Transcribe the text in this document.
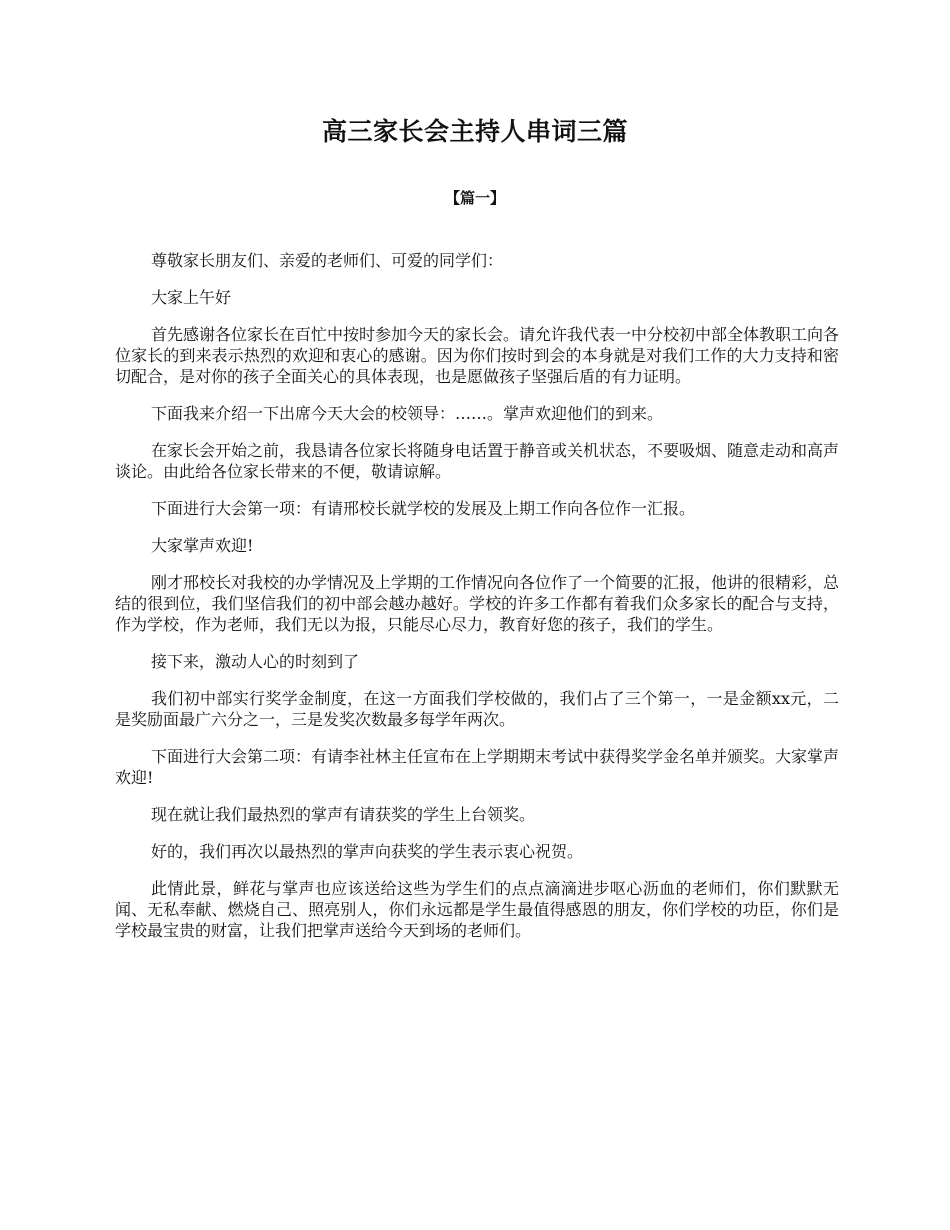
高三家长会主持人串词三篇
【篇一】

尊敬家长朋友们、亲爱的老师们、可爱的同学们：

大家上午好

首先感谢各位家长在百忙中按时参加今天的家长会。请允许我代表一中分校初中部全体教职工向各位家长的到来表示热烈的欢迎和衷心的感谢。因为你们按时到会的本身就是对我们工作的大力支持和密切配合，是对你的孩子全面关心的具体表现，也是愿做孩子坚强后盾的有力证明。

下面我来介绍一下出席今天大会的校领导：……。掌声欢迎他们的到来。

在家长会开始之前，我恳请各位家长将随身电话置于静音或关机状态，不要吸烟、随意走动和高声谈论。由此给各位家长带来的不便，敬请谅解。

下面进行大会第一项：有请邢校长就学校的发展及上期工作向各位作一汇报。

大家掌声欢迎!

刚才邢校长对我校的办学情况及上学期的工作情况向各位作了一个简要的汇报，他讲的很精彩，总结的很到位，我们坚信我们的初中部会越办越好。学校的许多工作都有着我们众多家长的配合与支持，作为学校，作为老师，我们无以为报，只能尽心尽力，教育好您的孩子，我们的学生。

接下来，激动人心的时刻到了

我们初中部实行奖学金制度，在这一方面我们学校做的，我们占了三个第一，一是金额xx元，二是奖励面最广六分之一，三是发奖次数最多每学年两次。

下面进行大会第二项：有请李社林主任宣布在上学期期末考试中获得奖学金名单并颁奖。大家掌声欢迎!

现在就让我们最热烈的掌声有请获奖的学生上台领奖。

好的，我们再次以最热烈的掌声向获奖的学生表示衷心祝贺。

此情此景，鲜花与掌声也应该送给这些为学生们的点点滴滴进步呕心沥血的老师们，你们默默无闻、无私奉献、燃烧自己、照亮别人，你们永远都是学生最值得感恩的朋友，你们学校的功臣，你们是学校最宝贵的财富，让我们把掌声送给今天到场的老师们。
